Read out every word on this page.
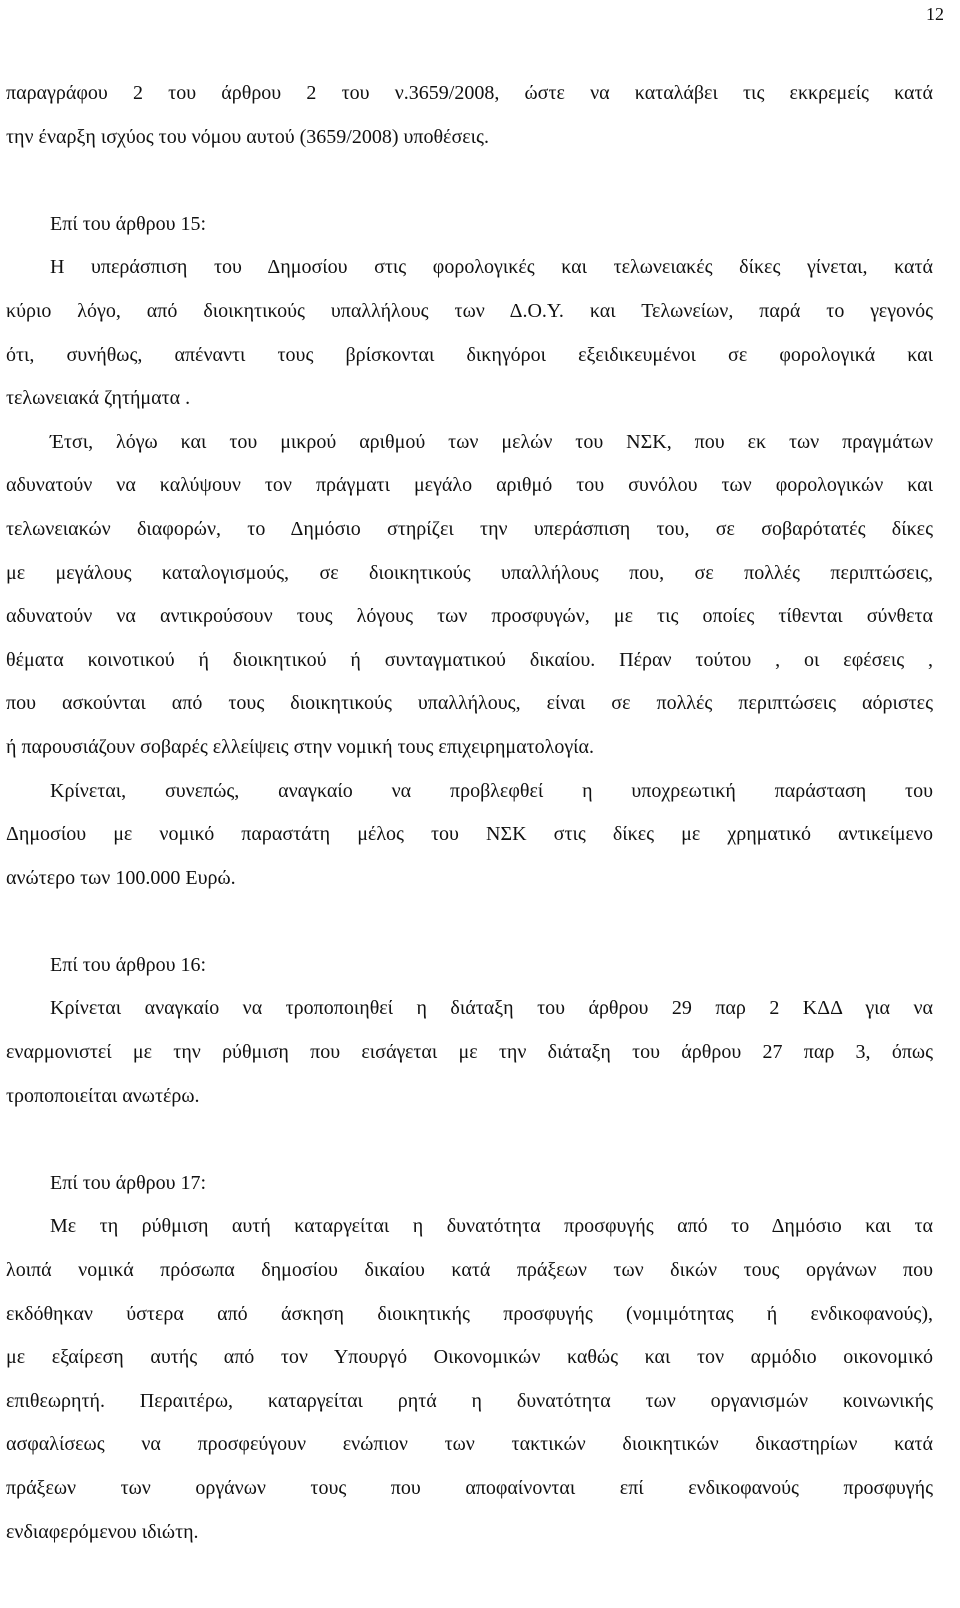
12
παραγράφου 2 του άρθρου 2 του ν.3659/2008, ώστε να καταλάβει τις εκκρεμείς κατά
την έναρξη ισχύος του νόμου αυτού (3659/2008) υποθέσεις.
Επί του άρθρου 15:
Η υπεράσπιση του Δημοσίου στις φορολογικές και τελωνειακές δίκες γίνεται, κατά
κύριο λόγο, από διοικητικούς υπαλλήλους των Δ.Ο.Υ. και Τελωνείων, παρά το γεγονός
ότι, συνήθως, απέναντι τους βρίσκονται δικηγόροι εξειδικευμένοι σε φορολογικά και
τελωνειακά ζητήματα .
Έτσι, λόγω και του μικρού αριθμού των μελών του ΝΣΚ, που εκ των πραγμάτων
αδυνατούν να καλύψουν τον πράγματι μεγάλο αριθμό του συνόλου των φορολογικών και
τελωνειακών διαφορών, το Δημόσιο στηρίζει την υπεράσπιση του, σε σοβαρότατές δίκες
με μεγάλους καταλογισμούς, σε διοικητικούς υπαλλήλους που, σε πολλές περιπτώσεις,
αδυνατούν να αντικρούσουν τους λόγους των προσφυγών, με τις οποίες τίθενται σύνθετα
θέματα κοινοτικού ή διοικητικού ή συνταγματικού δικαίου. Πέραν τούτου , οι εφέσεις ,
που ασκούνται από τους διοικητικούς υπαλλήλους, είναι σε πολλές περιπτώσεις αόριστες
ή παρουσιάζουν σοβαρές ελλείψεις στην νομική τους επιχειρηματολογία.
Κρίνεται, συνεπώς, αναγκαίο να προβλεφθεί η υποχρεωτική παράσταση του
Δημοσίου με νομικό παραστάτη μέλος του ΝΣΚ στις δίκες με χρηματικό αντικείμενο
ανώτερο των 100.000 Ευρώ.
Επί του άρθρου 16:
Κρίνεται αναγκαίο να τροποποιηθεί η διάταξη του άρθρου 29 παρ 2 ΚΔΔ για να
εναρμονιστεί με την ρύθμιση που εισάγεται με την διάταξη του άρθρου 27 παρ 3, όπως
τροποποιείται ανωτέρω.
Επί του άρθρου 17:
Με τη ρύθμιση αυτή καταργείται η δυνατότητα προσφυγής από το Δημόσιο και τα
λοιπά νομικά πρόσωπα δημοσίου δικαίου κατά πράξεων των δικών τους οργάνων που
εκδόθηκαν ύστερα από άσκηση διοικητικής προσφυγής (νομιμότητας ή ενδικοφανούς),
με εξαίρεση αυτής από τον Υπουργό Οικονομικών καθώς και τον αρμόδιο οικονομικό
επιθεωρητή. Περαιτέρω, καταργείται ρητά η δυνατότητα των οργανισμών κοινωνικής
ασφαλίσεως να προσφεύγουν ενώπιον των τακτικών διοικητικών δικαστηρίων κατά
πράξεων των οργάνων τους που αποφαίνονται επί ενδικοφανούς προσφυγής
ενδιαφερόμενου ιδιώτη.
